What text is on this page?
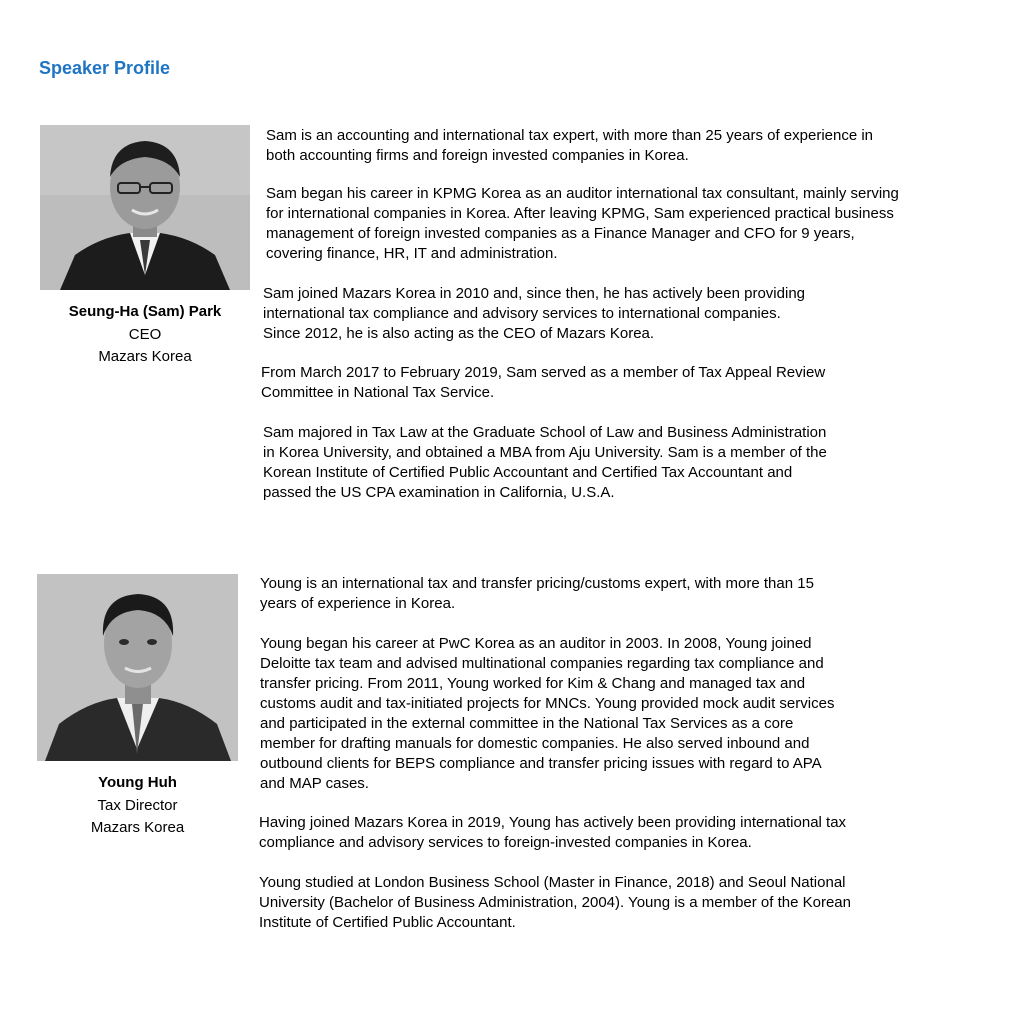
Speaker Profile
Seung-Ha (Sam) Park
CEO
Mazars Korea

Sam is an accounting and international tax expert, with more than 25 years of experience in
both accounting firms and foreign invested companies in Korea.

Sam began his career in KPMG Korea as an auditor international tax consultant, mainly serving
for international companies in Korea. After leaving KPMG, Sam experienced practical business
management of foreign invested companies as a Finance Manager and CFO for 9 years,
covering finance, HR, IT and administration.

Sam joined Mazars Korea in 2010 and, since then, he has actively been providing
international tax compliance and advisory services to international companies.
Since 2012, he is also acting as the CEO of Mazars Korea.

From March 2017 to February 2019, Sam served as a member of Tax Appeal Review
Committee in National Tax Service.

Sam majored in Tax Law at the Graduate School of Law and Business Administration
in Korea University, and obtained a MBA from Aju University. Sam is a member of the
Korean Institute of Certified Public Accountant and Certified Tax Accountant and
passed the US CPA examination in California, U.S.A.

Young Huh
Tax Director
Mazars Korea

Young is an international tax and transfer pricing/customs expert, with more than 15
years of experience in Korea.

Young began his career at PwC Korea as an auditor in 2003. In 2008, Young joined
Deloitte tax team and advised multinational companies regarding tax compliance and
transfer pricing. From 2011, Young worked for Kim & Chang and managed tax and
customs audit and tax-initiated projects for MNCs. Young provided mock audit services
and participated in the external committee in the National Tax Services as a core
member for drafting manuals for domestic companies. He also served inbound and
outbound clients for BEPS compliance and transfer pricing issues with regard to APA
and MAP cases.

Having joined Mazars Korea in 2019, Young has actively been providing international tax
compliance and advisory services to foreign-invested companies in Korea.

Young studied at London Business School (Master in Finance, 2018) and Seoul National
University (Bachelor of Business Administration, 2004). Young is a member of the Korean
Institute of Certified Public Accountant.
